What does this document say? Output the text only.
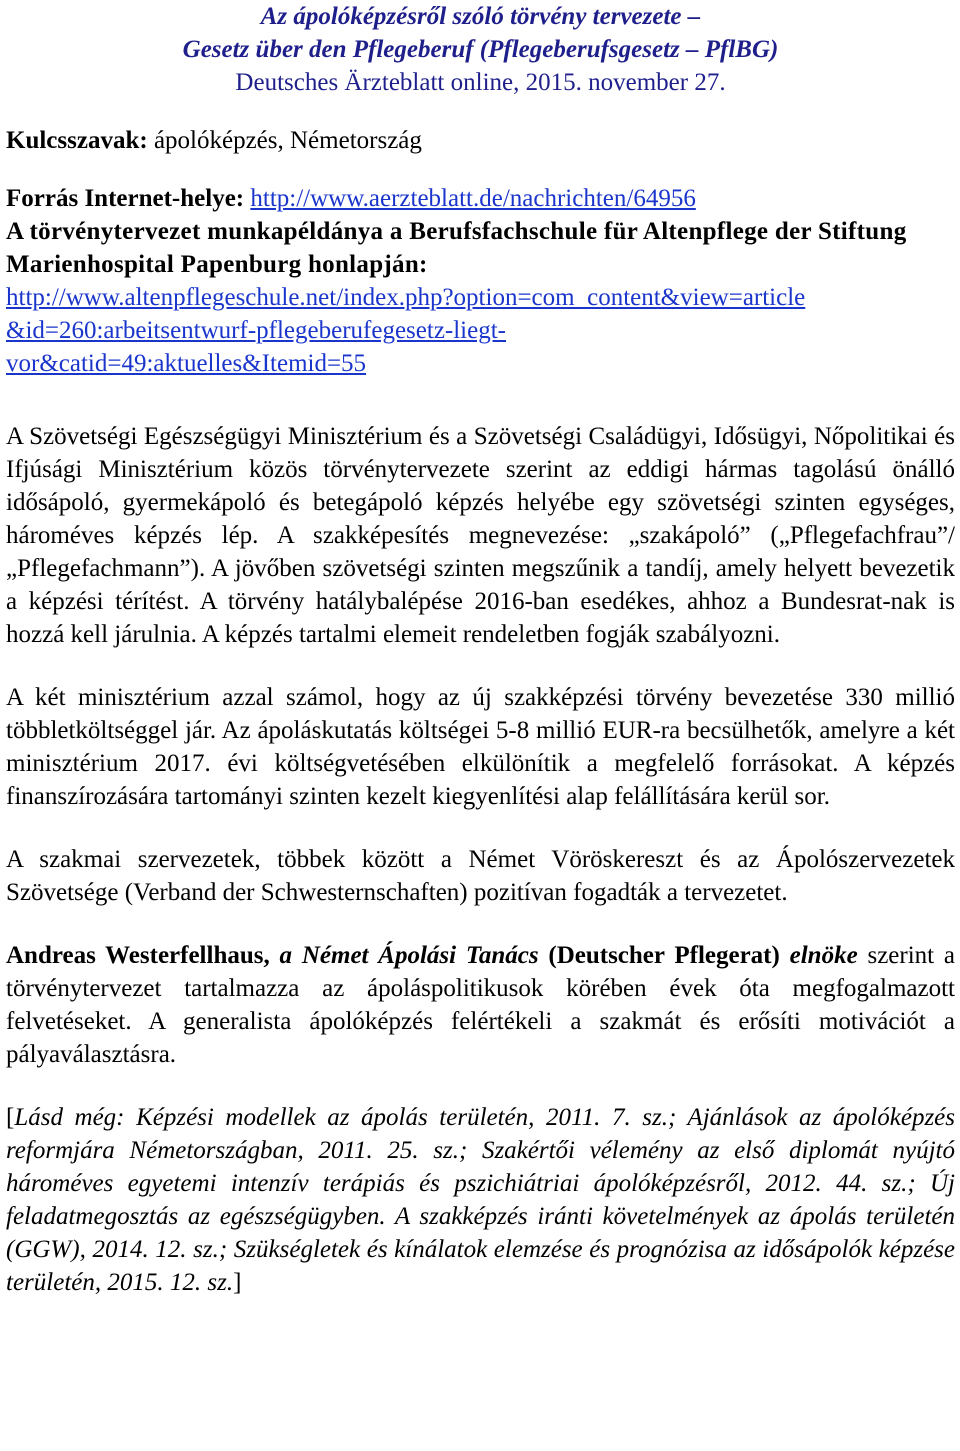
Az ápolóképzésről szóló törvény tervezete –
Gesetz über den Pflegeberuf (Pflegeberufsgesetz – PflBG)
Deutsches Ärzteblatt online, 2015. november 27.

Kulcsszavak: ápolóképzés, Németország

Forrás Internet-helye: http://www.aerzteblatt.de/nachrichten/64956

A törvénytervezet munkapéldánya a Berufsfachschule für Altenpflege der Stiftung Marienhospital Papenburg honlapján:

http://www.altenpflegeschule.net/index.php?option=com_content&view=article
&id=260:arbeitsentwurf-pflegeberufegesetz-liegt-
vor&catid=49:aktuelles&Itemid=55

A Szövetségi Egészségügyi Minisztérium és a Szövetségi Családügyi, Idősügyi, Nőpolitikai és Ifjúsági Minisztérium közös törvénytervezete szerint az eddigi hármas tagolású önálló idősápoló, gyermekápoló és betegápoló képzés helyébe egy szövetségi szinten egységes, hároméves képzés lép. A szakképesítés megnevezése: „szakápoló” („Pflegefachfrau”/„Pflegefachmann”). A jövőben szövetségi szinten megszűnik a tandíj, amely helyett bevezetik a képzési térítést. A törvény hatálybalépése 2016-ban esedékes, ahhoz a Bundesrat-nak is hozzá kell járulnia. A képzés tartalmi elemeit rendeletben fogják szabályozni.

A két minisztérium azzal számol, hogy az új szakképzési törvény bevezetése 330 millió többletköltséggel jár. Az ápoláskutatás költségei 5-8 millió EUR-ra becsülhetők, amelyre a két minisztérium 2017. évi költségvetésében elkülönítik a megfelelő forrásokat. A képzés finanszírozására tartományi szinten kezelt kiegyenlítési alap felállítására kerül sor.

A szakmai szervezetek, többek között a Német Vöröskereszt és az Ápolószervezetek Szövetsége (Verband der Schwesternschaften) pozitívan fogadták a tervezetet.

Andreas Westerfellhaus, a Német Ápolási Tanács (Deutscher Pflegerat) elnöke szerint a törvénytervezet tartalmazza az ápoláspolitikusok körében évek óta megfogalmazott felvetéseket. A generalista ápolóképzés felértékeli a szakmát és erősíti motivációt a pályaválasztásra.

[Lásd még: Képzési modellek az ápolás területén, 2011. 7. sz.; Ajánlások az ápolóképzés reformjára Németországban, 2011. 25. sz.; Szakértői vélemény az első diplomát nyújtó hároméves egyetemi intenzív terápiás és pszichiátriai ápolóképzésről, 2012. 44. sz.; Új feladatmegosztás az egészségügyben. A szakképzés iránti követelmények az ápolás területén (GGW), 2014. 12. sz.; Szükségletek és kínálatok elemzése és prognózisa az idősápolók képzése területén, 2015. 12. sz.]
